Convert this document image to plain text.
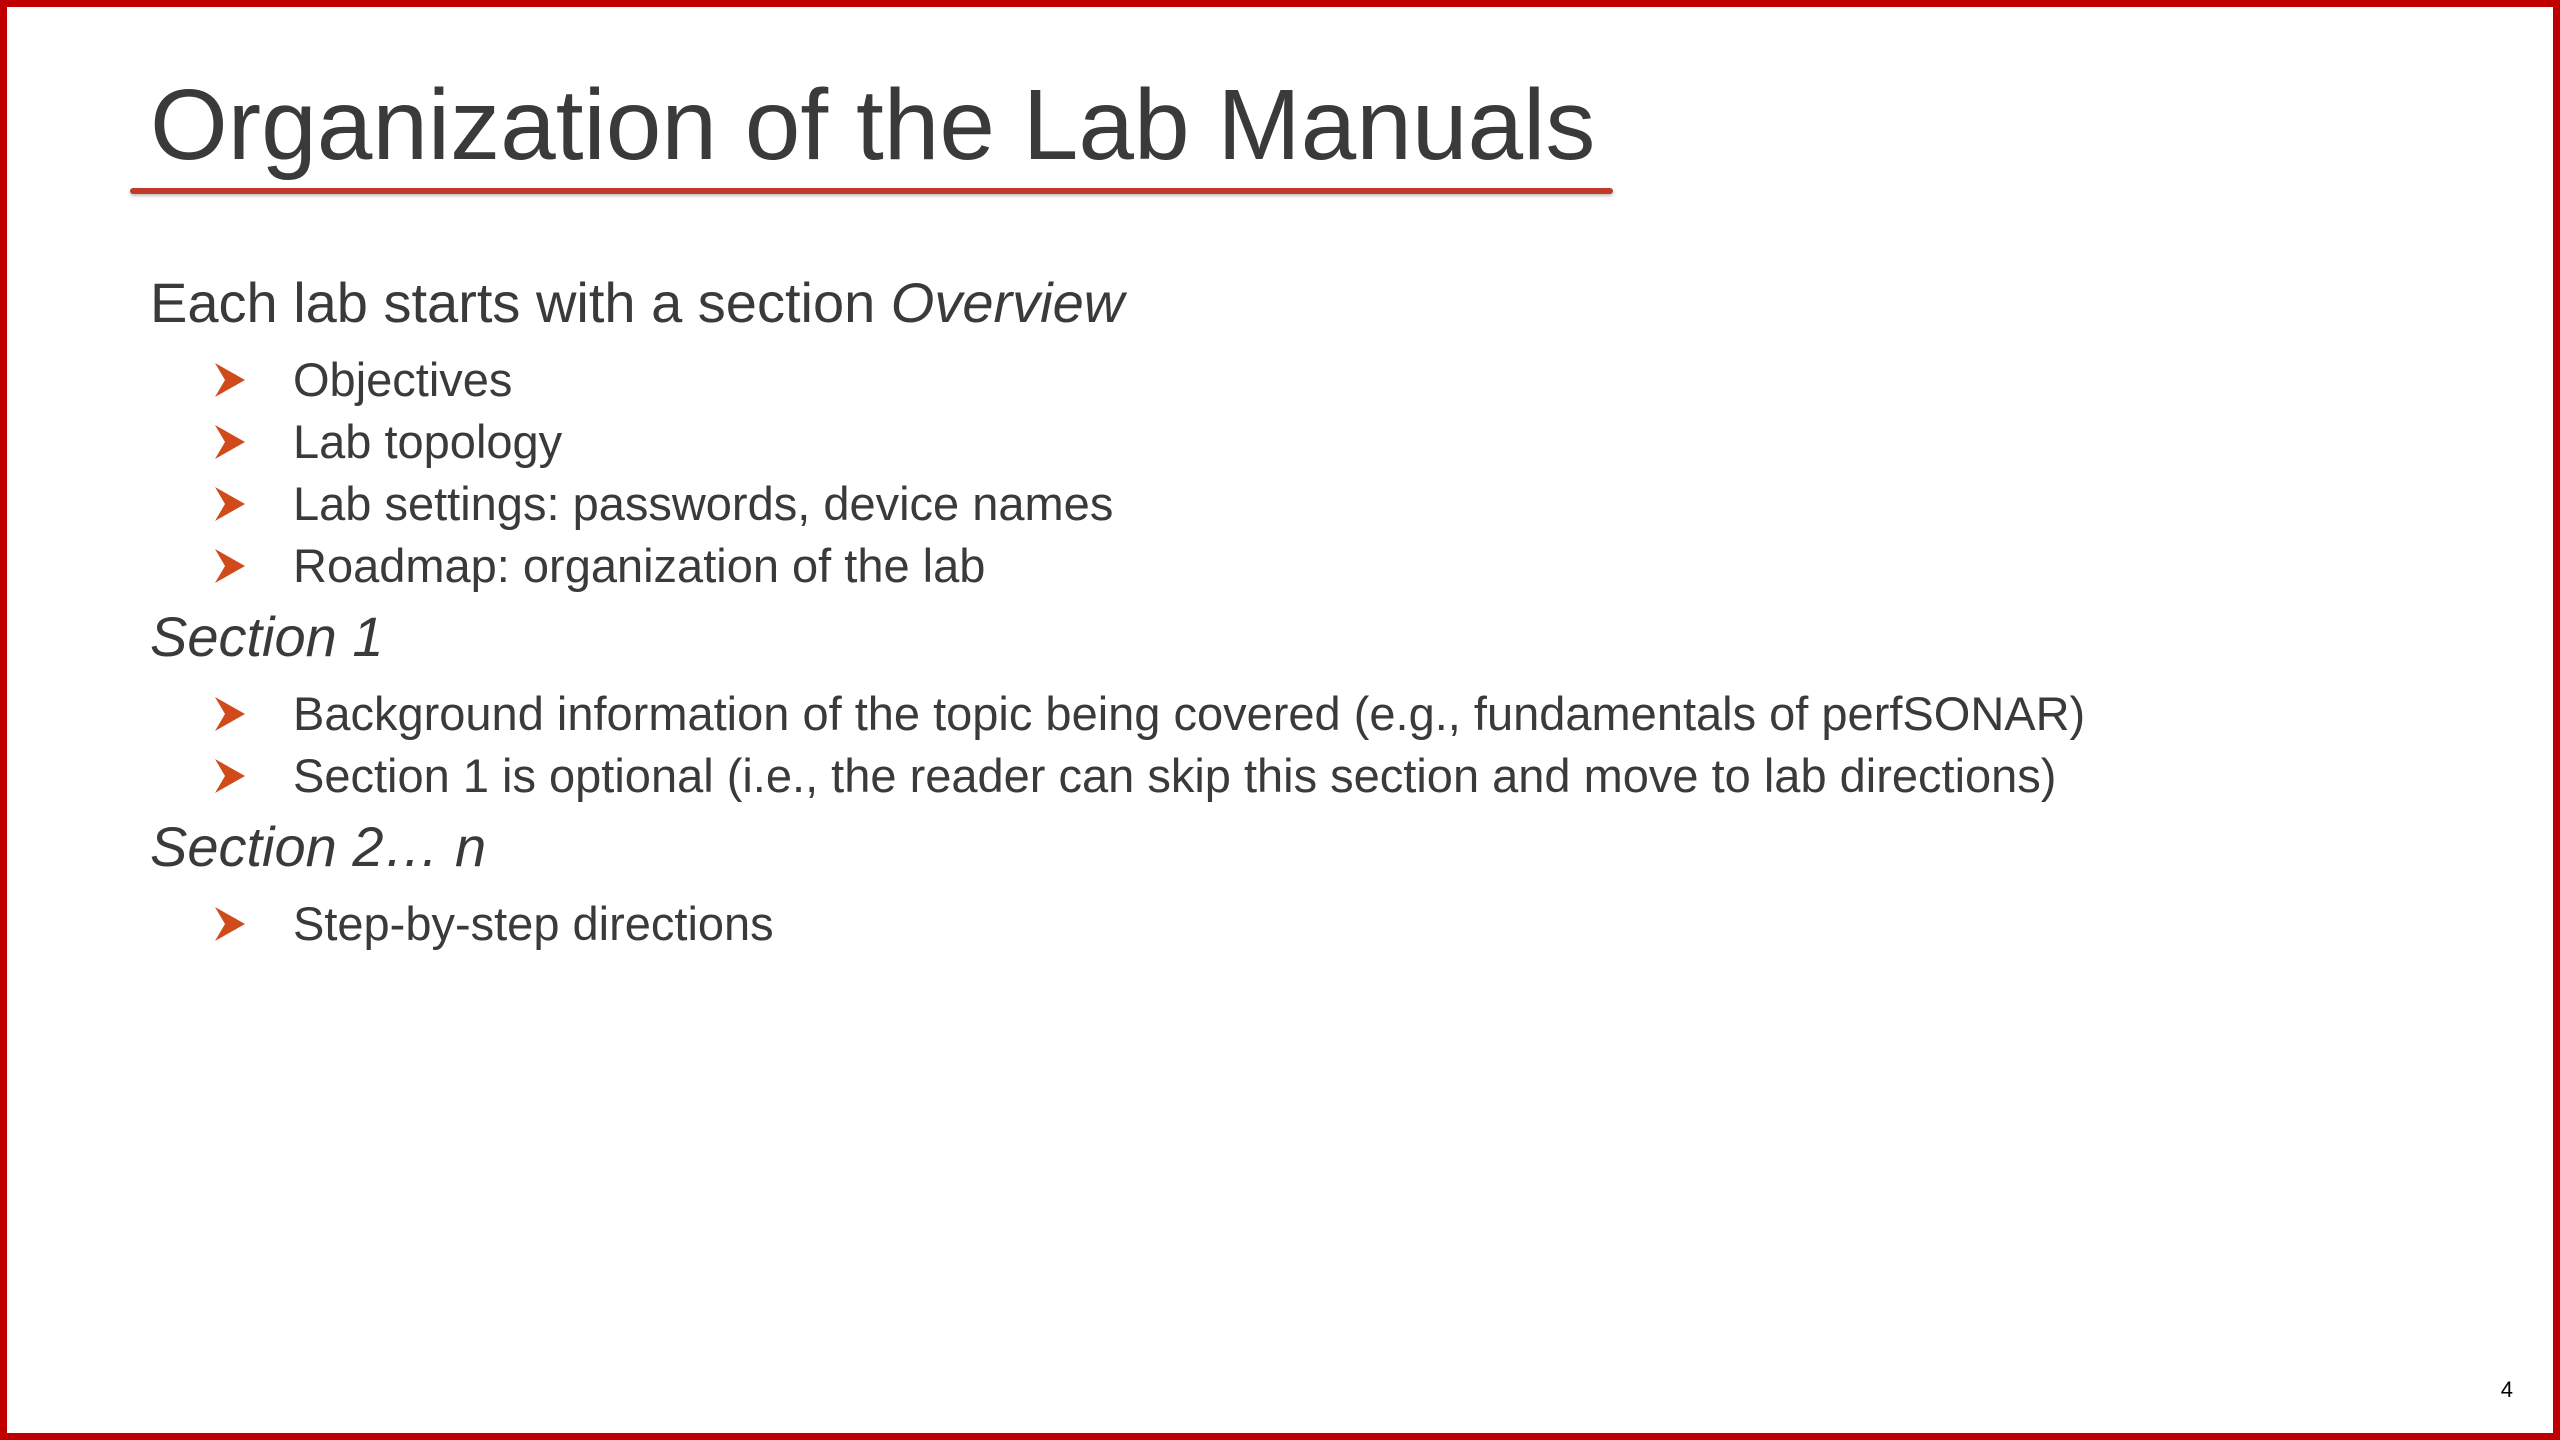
Organization of the Lab Manuals
Each lab starts with a section Overview
Objectives
Lab topology
Lab settings: passwords, device names
Roadmap: organization of the lab
Section 1
Background information of the topic being covered (e.g., fundamentals of perfSONAR)
Section 1 is optional (i.e., the reader can skip this section and move to lab directions)
Section 2… n
Step-by-step directions
4
